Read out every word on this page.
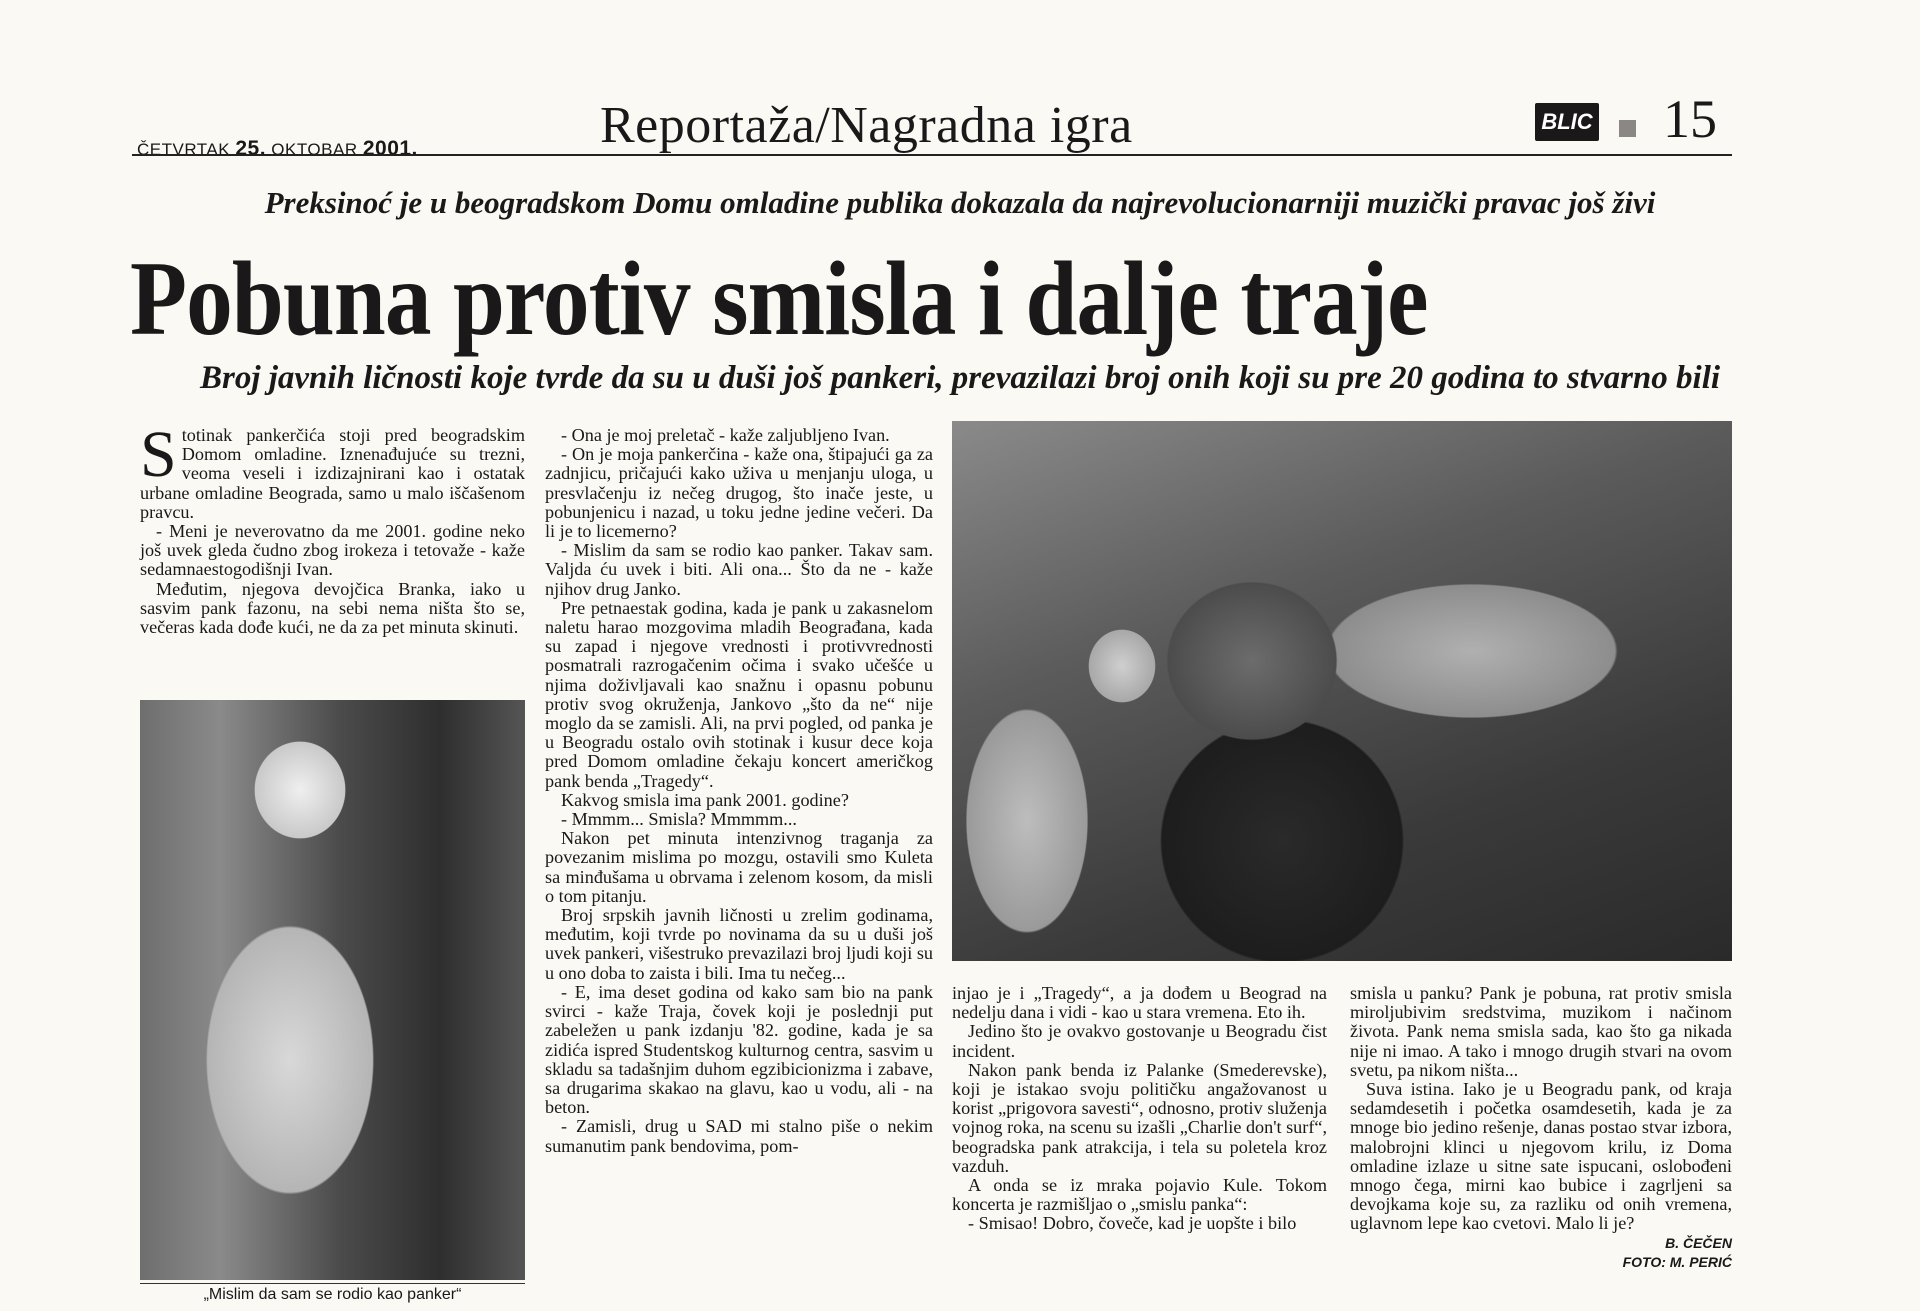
ČETVRTAK 25. OKTOBAR 2001.	Reportaža/Nagradna igra	BLIC 15
Preksinoć je u beogradskom Domu omladine publika dokazala da najrevolucionarniji muzički pravac još živi
Pobuna protiv smisla i dalje traje
Broj javnih ličnosti koje tvrde da su u duši još pankeri, prevazilazi broj onih koji su pre 20 godina to stvarno bili

Stotinak pankerčića stoji pred beogradskim Domom omladine. Iznenađujuće su trezni, veoma veseli i izdizajnirani kao i ostatak urbane omladine Beograda, samo u malo iščašenom pravcu.

- Meni je neverovatno da me 2001. godine neko još uvek gleda čudno zbog irokeza i tetovaže - kaže sedamnaestogodišnji Ivan.

Međutim, njegova devojčica Branka, iako u sasvim pank fazonu, na sebi nema ništa što se, večeras kada dođe kući, ne da za pet minuta skinuti.

„Mislim da sam se rodio kao panker“

- Ona je moj preletač - kaže zaljubljeno Ivan.

- On je moja pankerčina - kaže ona, štipajući ga za zadnjicu, pričajući kako uživa u menjanju uloga, u presvlačenju iz nečeg drugog, što inače jeste, u pobunjenicu i nazad, u toku jedne jedine večeri. Da li je to licemerno?

- Mislim da sam se rodio kao panker. Takav sam. Valjda ću uvek i biti. Ali ona... Što da ne - kaže njihov drug Janko.

Pre petnaestak godina, kada je pank u zakasnelom naletu harao mozgovima mladih Beograđana, kada su zapad i njegove vrednosti i protivvrednosti posmatrali razrogačenim očima i svako učešće u njima doživljavali kao snažnu i opasnu pobunu protiv svog okruženja, Jankovo „što da ne“ nije moglo da se zamisli. Ali, na prvi pogled, od panka je u Beogradu ostalo ovih stotinak i kusur dece koja pred Domom omladine čekaju koncert američkog pank benda „Tragedy“.

Kakvog smisla ima pank 2001. godine?

- Mmmm... Smisla? Mmmmm...

Nakon pet minuta intenzivnog traganja za povezanim mislima po mozgu, ostavili smo Kuleta sa minđušama u obrvama i zelenom kosom, da misli o tom pitanju.

Broj srpskih javnih ličnosti u zrelim godinama, međutim, koji tvrde po novinama da su u duši još uvek pankeri, višestruko prevazilazi broj ljudi koji su u ono doba to zaista i bili. Ima tu nečeg...

- E, ima deset godina od kako sam bio na pank svirci - kaže Traja, čovek koji je poslednji put zabeležen u pank izdanju '82. godine, kada je sa zidića ispred Studentskog kulturnog centra, sasvim u skladu sa tadašnjim duhom egzibicionizma i zabave, sa drugarima skakao na glavu, kao u vodu, ali - na beton.

- Zamisli, drug u SAD mi stalno piše o nekim sumanutim pank bendovima, pom-

injao je i „Tragedy“, a ja dođem u Beograd na nedelju dana i vidi - kao u stara vremena. Eto ih.

Jedino što je ovakvo gostovanje u Beogradu čist incident.

Nakon pank benda iz Palanke (Smederevske), koji je istakao svoju političku angažovanost u korist „prigovora savesti“, odnosno, protiv služenja vojnog roka, na scenu su izašli „Charlie don't surf“, beogradska pank atrakcija, i tela su poletela kroz vazduh.

A onda se iz mraka pojavio Kule. Tokom koncerta je razmišljao o „smislu panka“:

- Smisao! Dobro, čoveče, kad je uopšte i bilo

smisla u panku? Pank je pobuna, rat protiv smisla miroljubivim sredstvima, muzikom i načinom života. Pank nema smisla sada, kao što ga nikada nije ni imao. A tako i mnogo drugih stvari na ovom svetu, pa nikom ništa...

Suva istina. Iako je u Beogradu pank, od kraja sedamdesetih i početka osamdesetih, kada je za mnoge bio jedino rešenje, danas postao stvar izbora, malobrojni klinci u njegovom krilu, iz Doma omladine izlaze u sitne sate ispucani, oslobođeni mnogo čega, mirni kao bubice i zagrljeni sa devojkama koje su, za razliku od onih vremena, uglavnom lepe kao cvetovi. Malo li je?

B. ČEČEN
FOTO: M. PERIĆ
